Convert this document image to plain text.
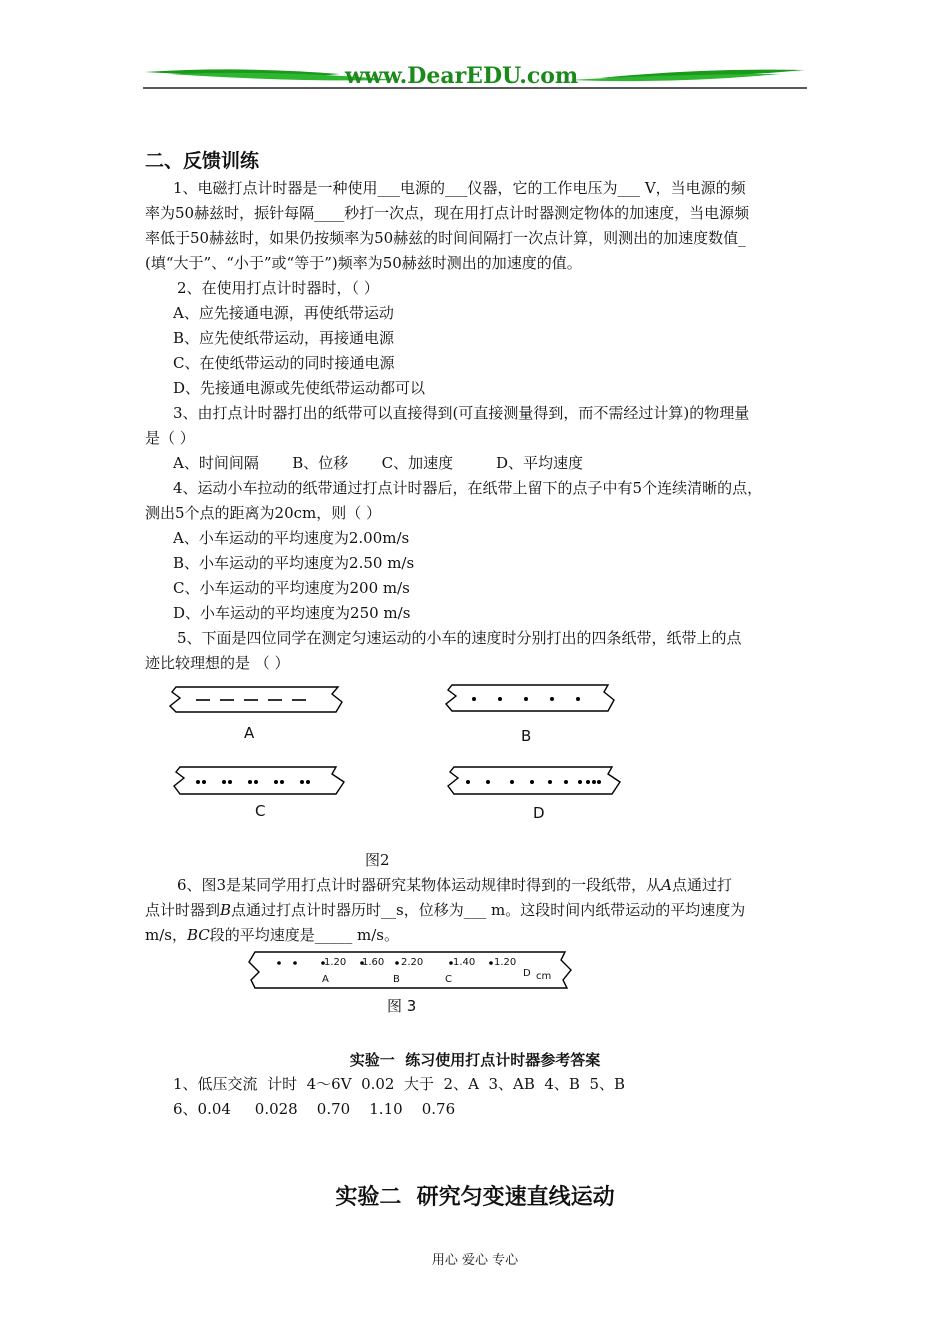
www.DearEDU.com
二、反馈训练
1、电磁打点计时器是一种使用___电源的___仪器，它的工作电压为___ V，当电源的频
率为50赫兹时，振针每隔____秒打一次点，现在用打点计时器测定物体的加速度，当电源频
率低于50赫兹时，如果仍按频率为50赫兹的时间间隔打一次点计算，则测出的加速度数值_
(填“大于”、“小于”或“等于”)频率为50赫兹时测出的加速度的值。
2、在使用打点计时器时，（ ）
A、应先接通电源，再使纸带运动
B、应先使纸带运动，再接通电源
C、在使纸带运动的同时接通电源
D、先接通电源或先使纸带运动都可以
3、由打点计时器打出的纸带可以直接得到(可直接测量得到，而不需经过计算)的物理量
是（ ）
A、时间间隔       B、位移       C、加速度         D、平均速度
4、运动小车拉动的纸带通过打点计时器后，在纸带上留下的点子中有5个连续清晰的点，
测出5个点的距离为20cm，则（ ）
A、小车运动的平均速度为2.00m/s
B、小车运动的平均速度为2.50 m/s
C、小车运动的平均速度为200 m/s
D、小车运动的平均速度为250 m/s
5、下面是四位同学在测定匀速运动的小车的速度时分别打出的四条纸带，纸带上的点
迹比较理想的是 （ ）
A	B
C	D
图2
6、图3是某同学用打点计时器研究某物体运动规律时得到的一段纸带，从A点通过打
点计时器到B点通过打点计时器历时__s，位移为___ m。这段时间内纸带运动的平均速度为
m/s，BC段的平均速度是_____ m/s。
1.20 1.60 2.20	1.40 1.20
A	B	C
D cm
图 3
实验一  练习使用打点计时器参考答案
1、低压交流  计时  4～6V  0.02  大于  2、A  3、AB  4、B  5、B
6、0.04     0.028    0.70    1.10    0.76
实验二  研究匀变速直线运动
用心 爱心 专心
